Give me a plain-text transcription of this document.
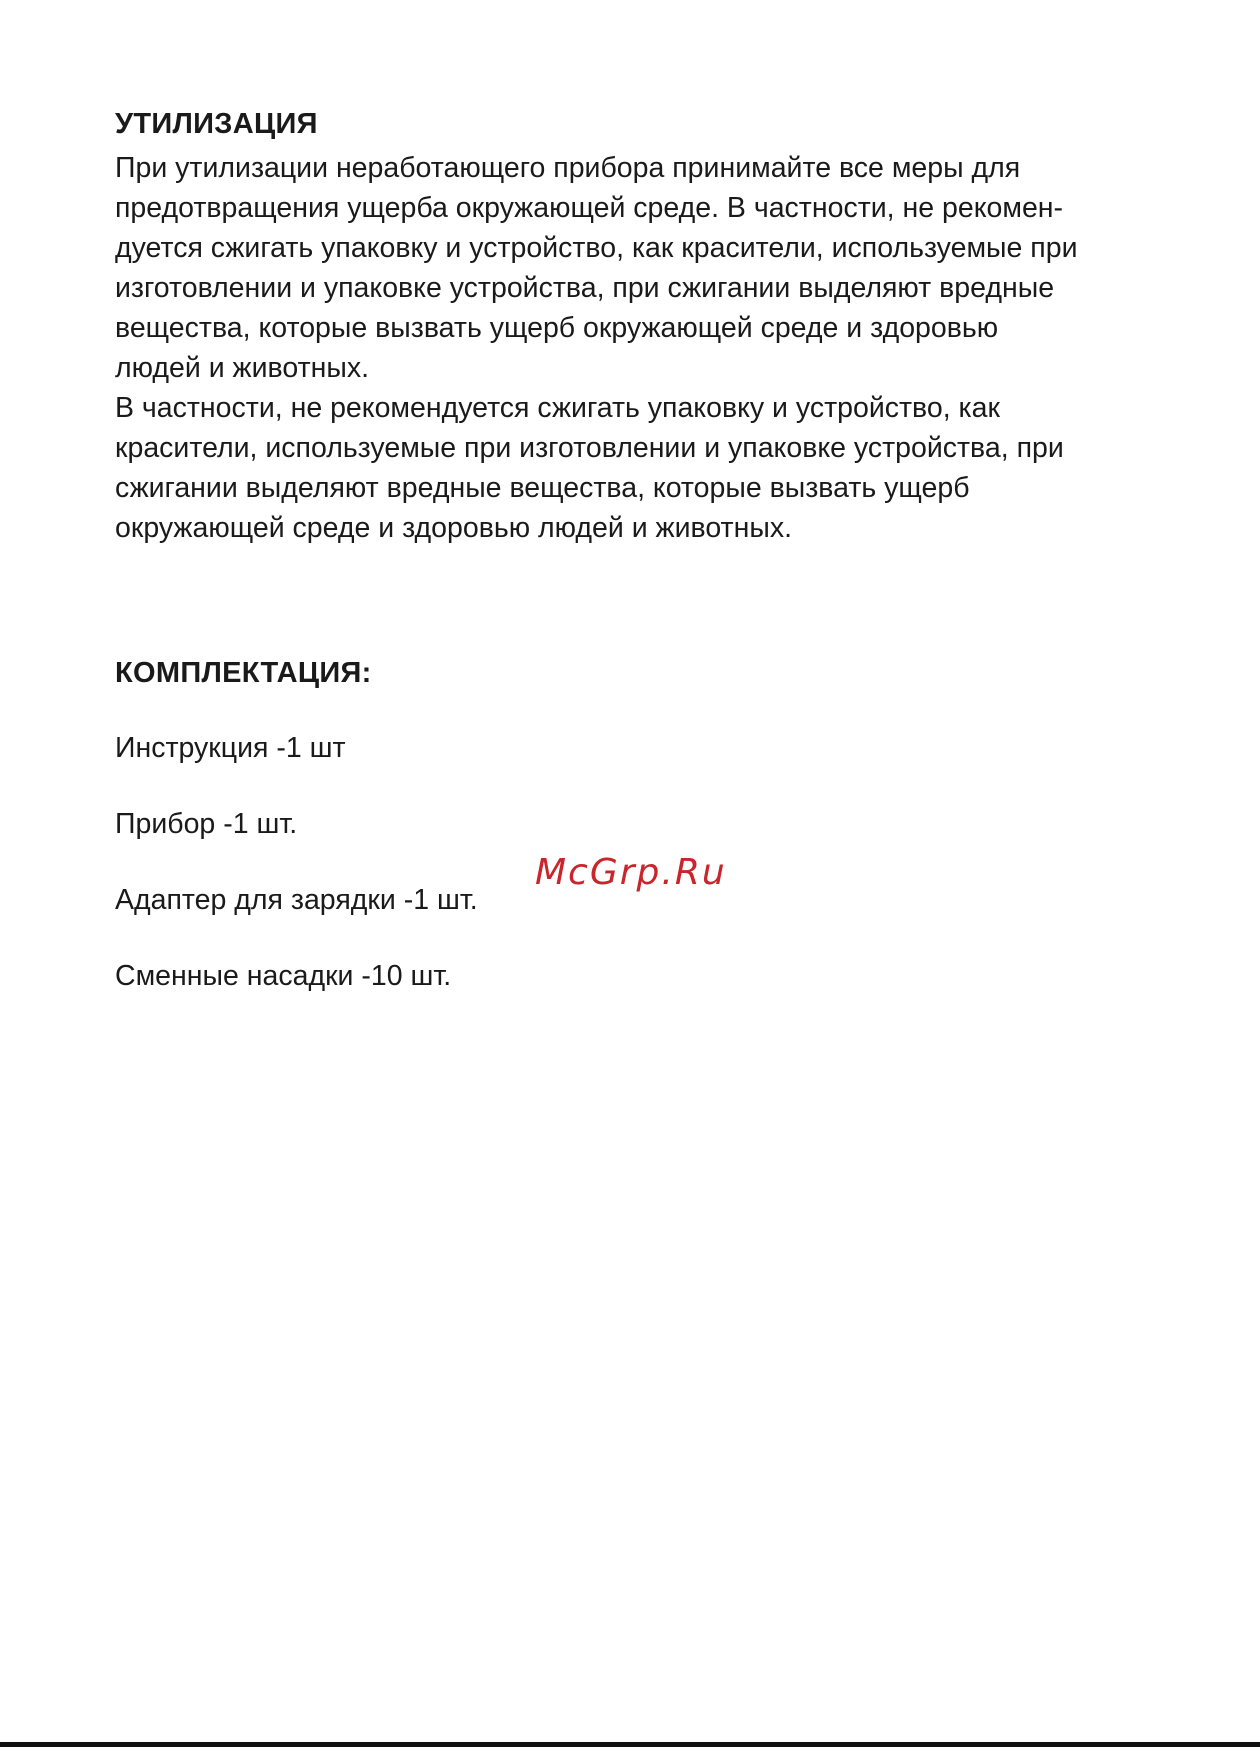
УТИЛИЗАЦИЯ

При утилизации неработающего прибора принимайте все меры для
предотвращения ущерба окружающей среде. В частности, не рекомен-
дуется сжигать упаковку и устройство, как красители, используемые при
изготовлении и упаковке устройства, при сжигании выделяют вредные
вещества, которые вызвать ущерб окружающей среде и здоровью
людей и животных.
В частности, не рекомендуется сжигать упаковку и устройство, как
красители, используемые при изготовлении и упаковке устройства, при
сжигании выделяют вредные вещества, которые вызвать ущерб
окружающей среде и здоровью людей и животных.

КОМПЛЕКТАЦИЯ:
Инструкция -1 шт
Прибор -1 шт.
Адаптер для зарядки -1 шт.
Сменные насадки -10 шт.
McGrp.Ru
